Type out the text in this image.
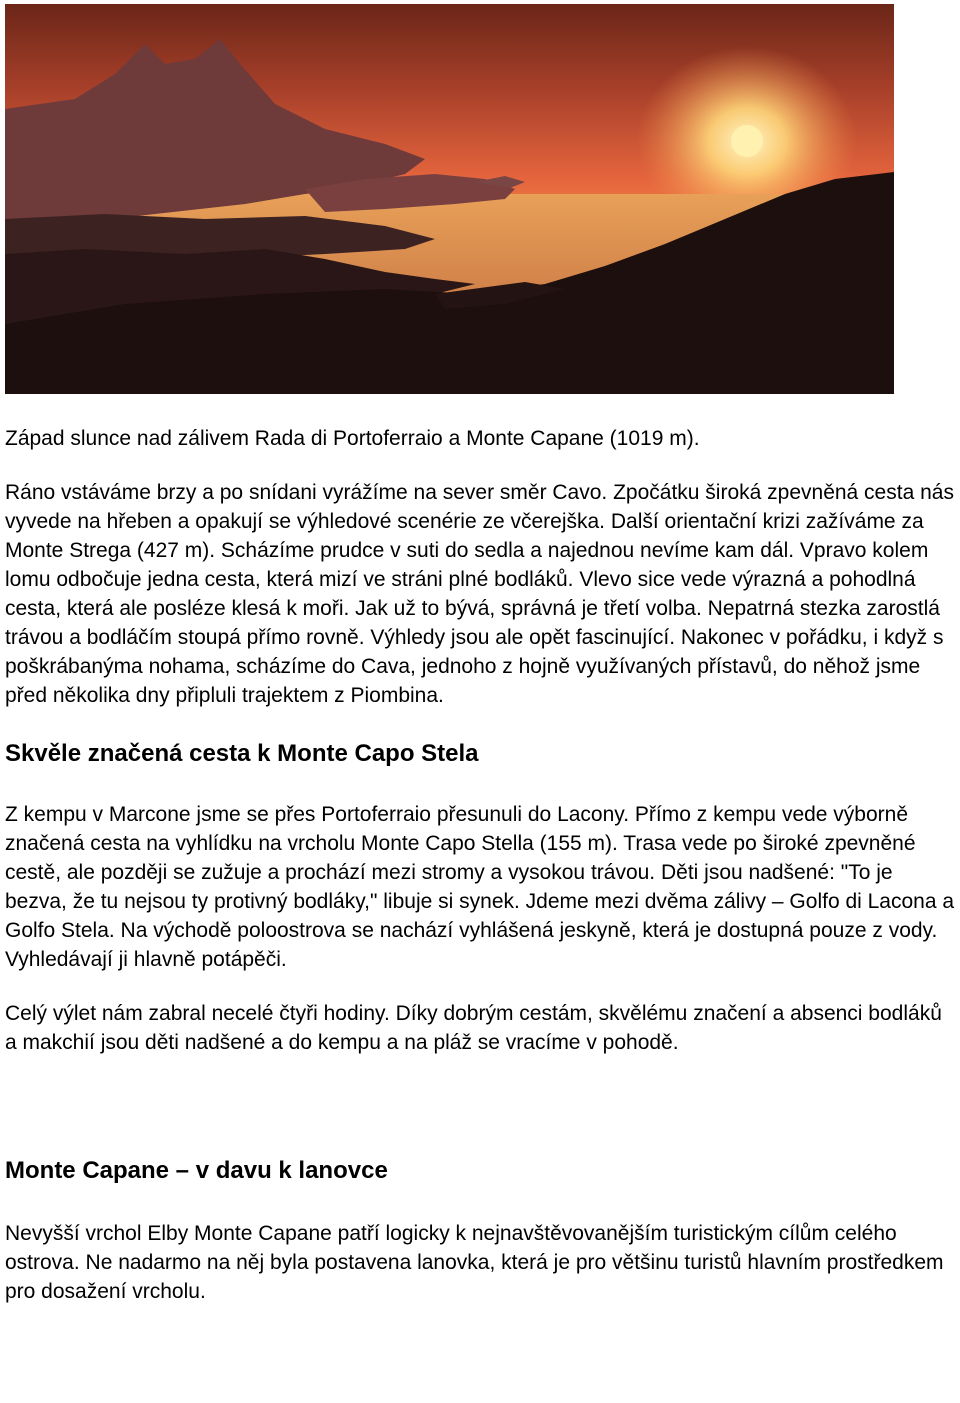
Západ slunce nad zálivem Rada di Portoferraio a Monte Capane (1019 m).

Ráno vstáváme brzy a po snídani vyrážíme na sever směr Cavo. Zpočátku široká zpevněná cesta nás vyvede na hřeben a opakují se výhledové scenérie ze včerejška. Další orientační krizi zažíváme za Monte Strega (427 m). Scházíme prudce v suti do sedla a najednou nevíme kam dál. Vpravo kolem lomu odbočuje jedna cesta, která mizí ve stráni plné bodláků. Vlevo sice vede výrazná a pohodlná cesta, která ale posléze klesá k moři. Jak už to bývá, správná je třetí volba. Nepatrná stezka zarostlá trávou a bodláčím stoupá přímo rovně. Výhledy jsou ale opět fascinující. Nakonec v pořádku, i když s poškrábanýma nohama, scházíme do Cava, jednoho z hojně využívaných přístavů, do něhož jsme před několika dny připluli trajektem z Piombina.

Skvěle značená cesta k Monte Capo Stela

Z kempu v Marcone jsme se přes Portoferraio přesunuli do Lacony. Přímo z kempu vede výborně značená cesta na vyhlídku na vrcholu Monte Capo Stella (155 m). Trasa vede po široké zpevněné cestě, ale později se zužuje a prochází mezi stromy a vysokou trávou. Děti jsou nadšené: "To je bezva, že tu nejsou ty protivný bodláky," libuje si synek. Jdeme mezi dvěma zálivy – Golfo di Lacona a Golfo Stela. Na východě poloostrova se nachází vyhlášená jeskyně, která je dostupná pouze z vody. Vyhledávají ji hlavně potápěči.

Celý výlet nám zabral necelé čtyři hodiny. Díky dobrým cestám, skvělému značení a absenci bodláků a makchií jsou děti nadšené a do kempu a na pláž se vracíme v pohodě.

Monte Capane – v davu k lanovce

Nevyšší vrchol Elby Monte Capane patří logicky k nejnavštěvovanějším turistickým cílům celého ostrova. Ne nadarmo na něj byla postavena lanovka, která je pro většinu turistů hlavním prostředkem pro dosažení vrcholu.
